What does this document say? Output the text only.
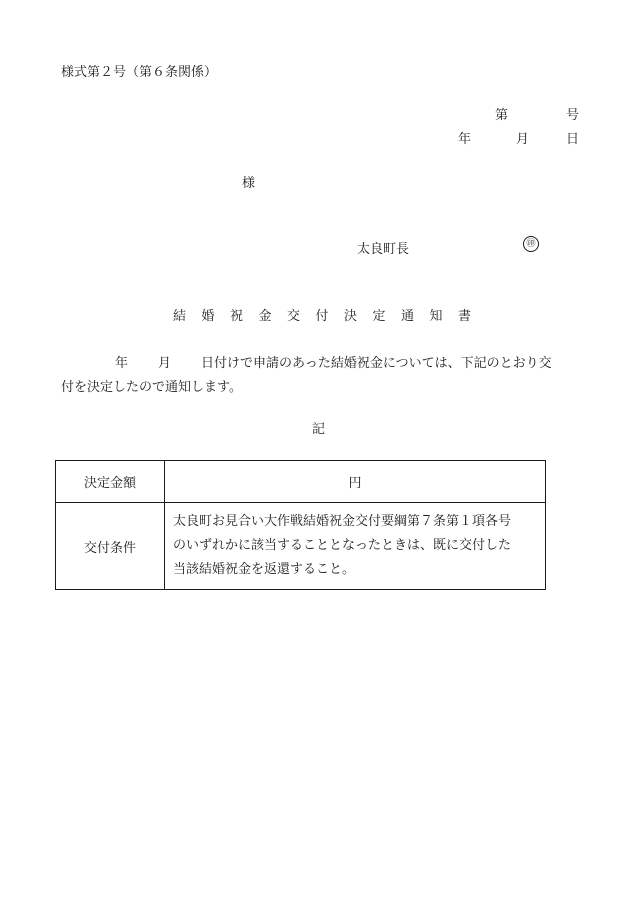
様式第２号（第６条関係）
第	号
年	月	日
様
太良町長	㊞
結婚祝金交付決定通知書
年 月 日付けで申請のあった結婚祝金については、下記のとおり交
付を決定したので通知します。
記
決定金額	円
交付条件	太良町お見合い大作戦結婚祝金交付要綱第７条第１項各号
のいずれかに該当することとなったときは、既に交付した
当該結婚祝金を返還すること。
